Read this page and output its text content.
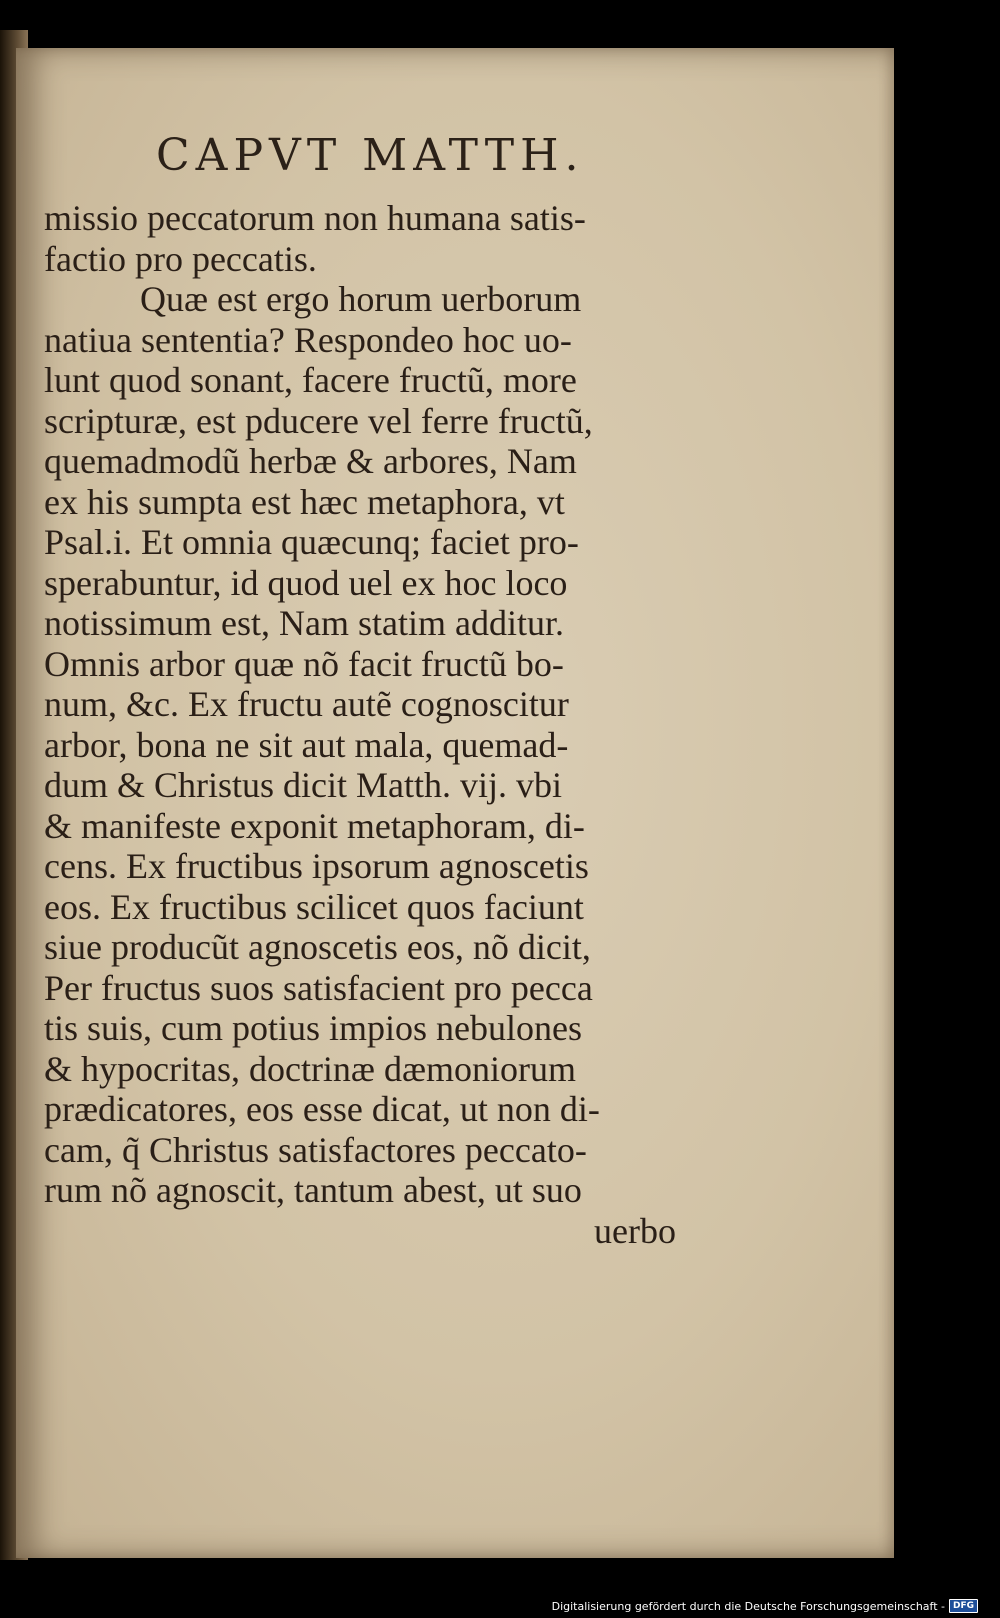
CAPVT MATTH.
missio peccatorum non humana satis-
factio pro peccatis.
Quæ est ergo horum uerborum
natiua sententia? Respondeo hoc uo-
lunt quod sonant, facere fructũ, more
scripturæ, est pducere vel ferre fructũ,
quemadmodũ herbæ & arbores, Nam
ex his sumpta est hæc metaphora, vt
Psal.i. Et omnia quæcunq; faciet pro-
sperabuntur, id quod uel ex hoc loco
notissimum est, Nam statim additur.
Omnis arbor quæ nõ facit fructũ bo-
num, &c. Ex fructu autẽ cognoscitur
arbor, bona ne sit aut mala, quemad-
dum & Christus dicit Matth. vij. vbi
& manifeste exponit metaphoram, di-
cens. Ex fructibus ipsorum agnoscetis
eos. Ex fructibus scilicet quos faciunt
siue producũt agnoscetis eos, nõ dicit,
Per fructus suos satisfacient pro pecca
tis suis, cum potius impios nebulones
& hypocritas, doctrinæ dæmoniorum
prædicatores, eos esse dicat, ut non di-
cam, q̃ Christus satisfactores peccato-
rum nõ agnoscit, tantum abest, ut suo
uerbo
Digitalisierung gefördert durch die Deutsche Forschungsgemeinschaft - DFG
